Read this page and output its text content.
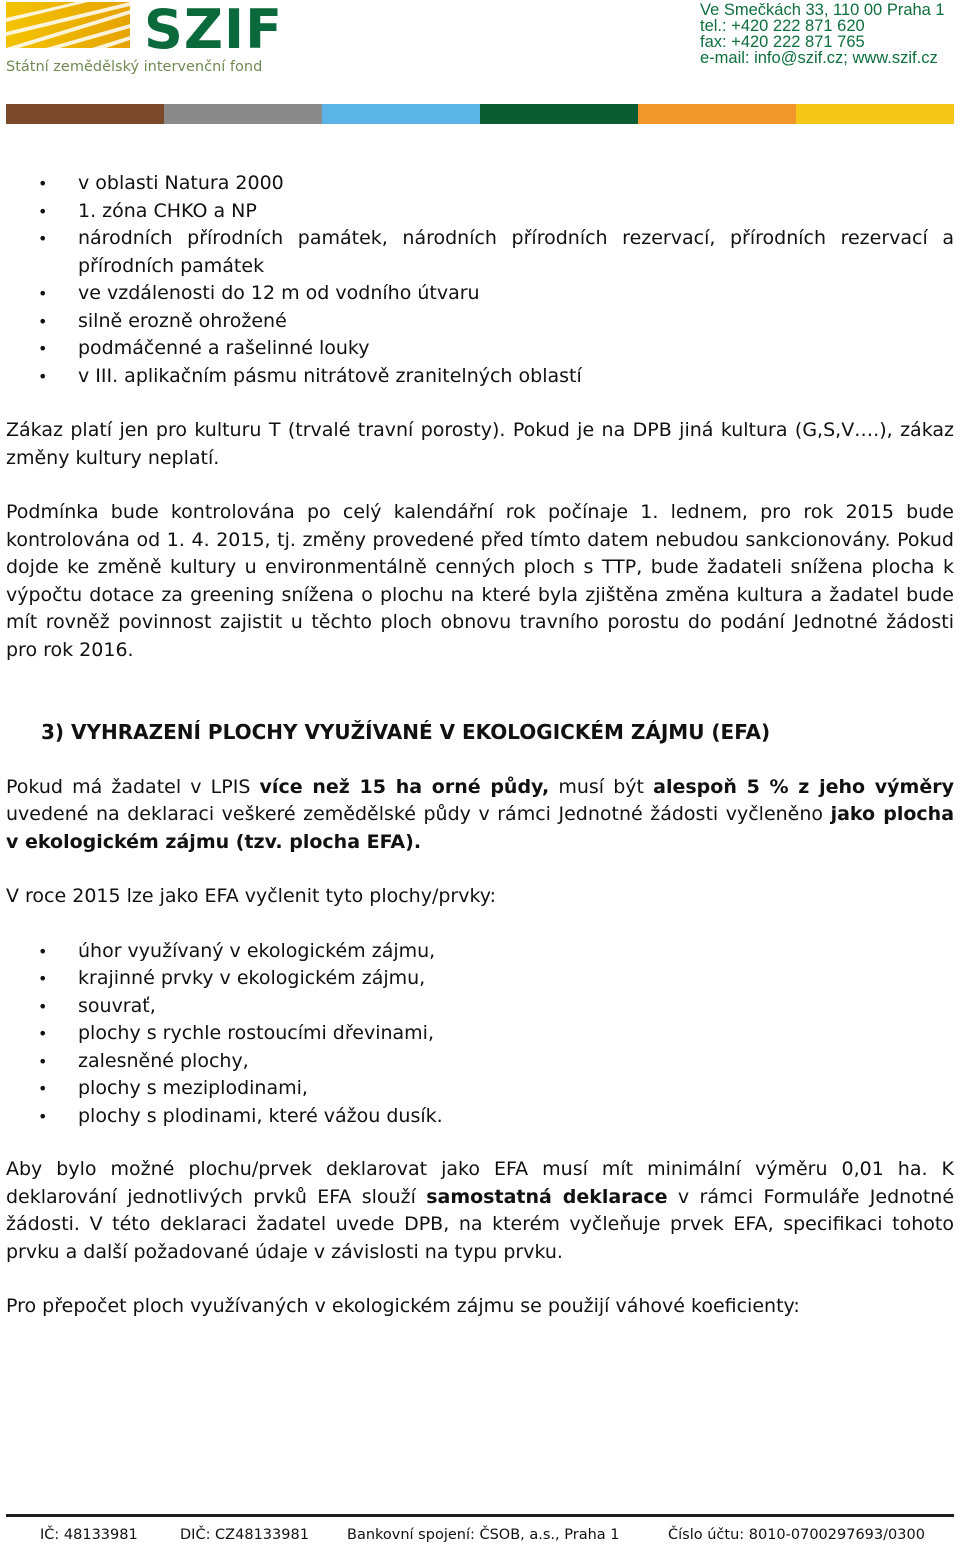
SZIF
Státní zemědělský intervenční fond
Ve Smečkách 33, 110 00 Praha 1
tel.: +420 222 871 620
fax: +420 222 871 765
e-mail: info@szif.cz; www.szif.cz
• v oblasti Natura 2000
• 1. zóna CHKO a NP
• národních přírodních památek, národních přírodních rezervací, přírodních rezervací a přírodních památek
• ve vzdálenosti do 12 m od vodního útvaru
• silně erozně ohrožené
• podmáčenné a rašelinné louky
• v III. aplikačním pásmu nitrátově zranitelných oblastí

Zákaz platí jen pro kulturu T (trvalé travní porosty). Pokud je na DPB jiná kultura (G,S,V….), zákaz změny kultury neplatí.

Podmínka bude kontrolována po celý kalendářní rok počínaje 1. lednem, pro rok 2015 bude kontrolována od 1. 4. 2015, tj. změny provedené před tímto datem nebudou sankcionovány. Pokud dojde ke změně kultury u environmentálně cenných ploch s TTP, bude žadateli snížena plocha k výpočtu dotace za greening snížena o plochu na které byla zjištěna změna kultura a žadatel bude mít rovněž povinnost zajistit u těchto ploch obnovu travního porostu do podání Jednotné žádosti pro rok 2016.

3) VYHRAZENÍ PLOCHY VYUŽÍVANÉ V EKOLOGICKÉM ZÁJMU (EFA)

Pokud má žadatel v LPIS více než 15 ha orné půdy, musí být alespoň 5 % z jeho výměry uvedené na deklaraci veškeré zemědělské půdy v rámci Jednotné žádosti vyčleněno jako plocha v ekologickém zájmu (tzv. plocha EFA).

V roce 2015 lze jako EFA vyčlenit tyto plochy/prvky:

• úhor využívaný v ekologickém zájmu,
• krajinné prvky v ekologickém zájmu,
• souvrať,
• plochy s rychle rostoucími dřevinami,
• zalesněné plochy,
• plochy s meziplodinami,
• plochy s plodinami, které vážou dusík.

Aby bylo možné plochu/prvek deklarovat jako EFA musí mít minimální výměru 0,01 ha. K deklarování jednotlivých prvků EFA slouží samostatná deklarace v rámci Formuláře Jednotné žádosti. V této deklaraci žadatel uvede DPB, na kterém vyčleňuje prvek EFA, specifikaci tohoto prvku a další požadované údaje v závislosti na typu prvku.

Pro přepočet ploch využívaných v ekologickém zájmu se použijí váhové koeficienty:

IČ: 48133981	DIČ: CZ48133981	Bankovní spojení: ČSOB, a.s., Praha 1	Číslo účtu: 8010-0700297693/0300
